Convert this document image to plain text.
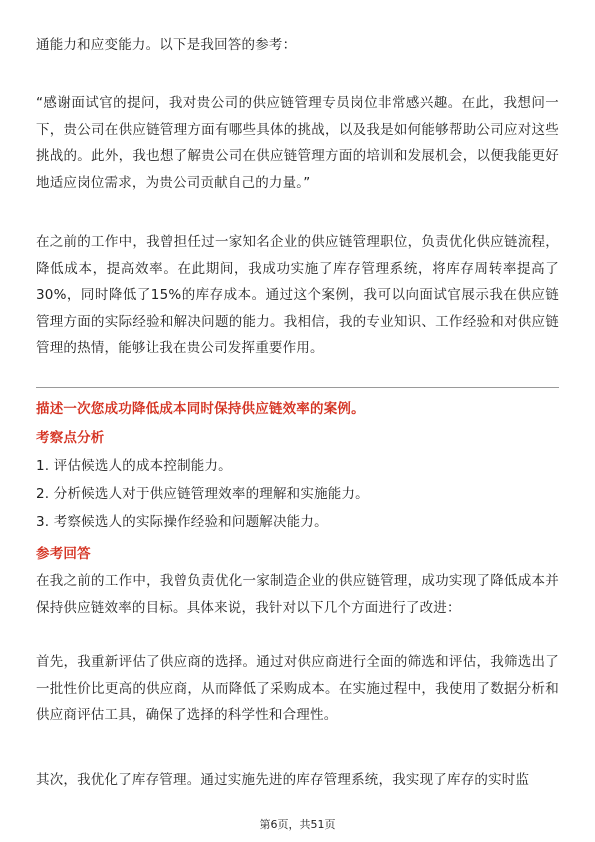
通能力和应变能力。以下是我回答的参考：

“感谢面试官的提问，我对贵公司的供应链管理专员岗位非常感兴趣。在此，我想问一下，贵公司在供应链管理方面有哪些具体的挑战，以及我是如何能够帮助公司应对这些挑战的。此外，我也想了解贵公司在供应链管理方面的培训和发展机会，以便我能更好地适应岗位需求，为贵公司贡献自己的力量。”

在之前的工作中，我曾担任过一家知名企业的供应链管理职位，负责优化供应链流程，降低成本，提高效率。在此期间，我成功实施了库存管理系统，将库存周转率提高了30%，同时降低了15%的库存成本。通过这个案例，我可以向面试官展示我在供应链管理方面的实际经验和解决问题的能力。我相信，我的专业知识、工作经验和对供应链管理的热情，能够让我在贵公司发挥重要作用。

描述一次您成功降低成本同时保持供应链效率的案例。

考察点分析

1. 评估候选人的成本控制能力。

2. 分析候选人对于供应链管理效率的理解和实施能力。

3. 考察候选人的实际操作经验和问题解决能力。

参考回答

在我之前的工作中，我曾负责优化一家制造企业的供应链管理，成功实现了降低成本并保持供应链效率的目标。具体来说，我针对以下几个方面进行了改进：

首先，我重新评估了供应商的选择。通过对供应商进行全面的筛选和评估，我筛选出了一批性价比更高的供应商，从而降低了采购成本。在实施过程中，我使用了数据分析和供应商评估工具，确保了选择的科学性和合理性。

其次，我优化了库存管理。通过实施先进的库存管理系统，我实现了库存的实时监

第6页，共51页
